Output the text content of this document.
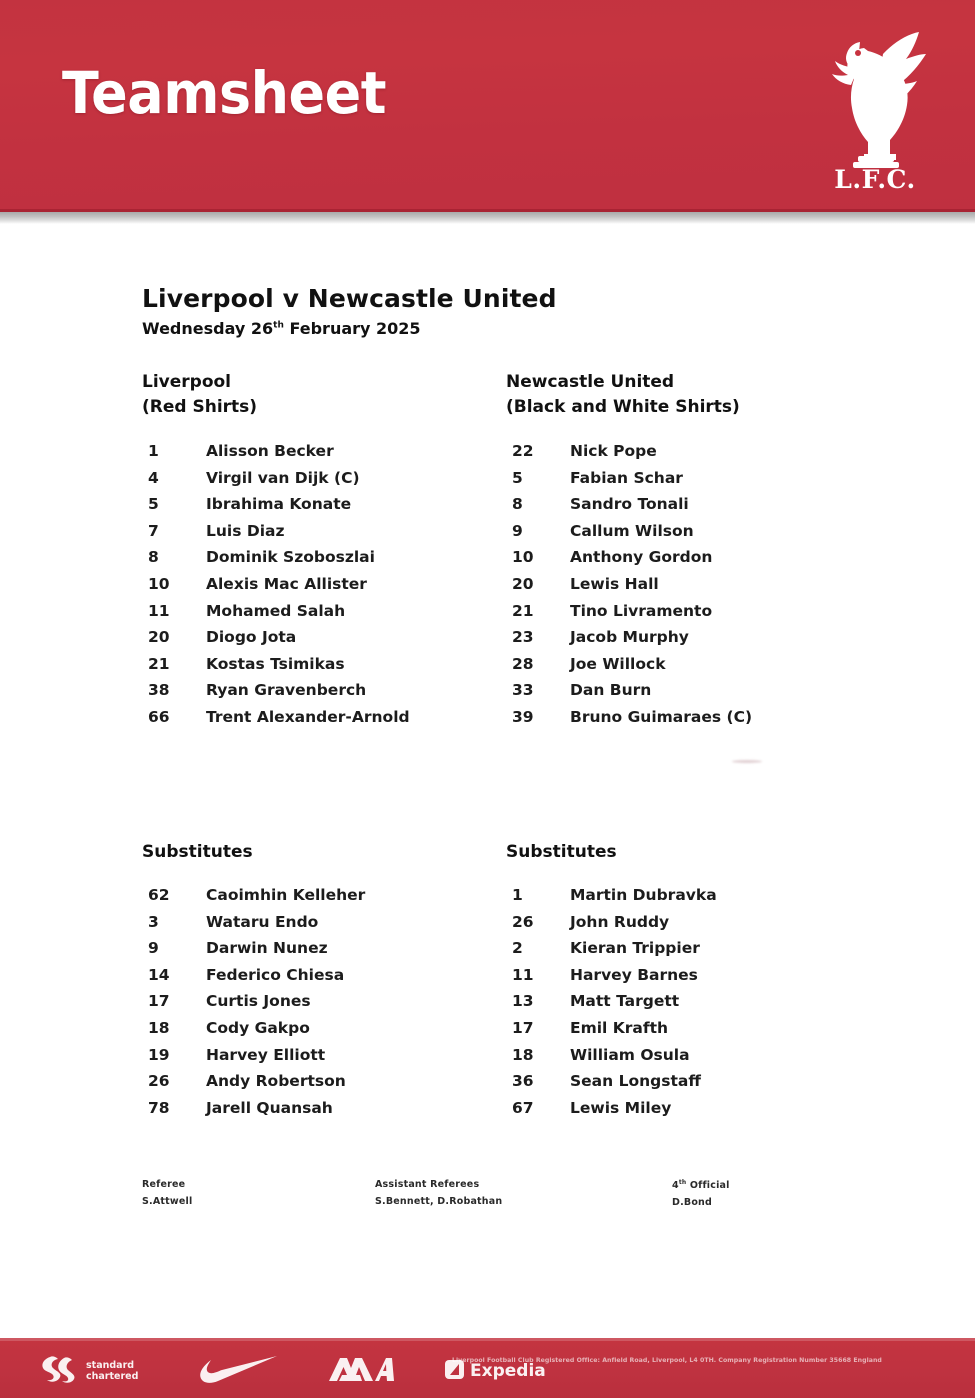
Teamsheet
L.F.C.
Liverpool v Newcastle United
Wednesday 26th February 2025
Liverpool
(Red Shirts)
1	Alisson Becker
4	Virgil van Dijk (C)
5	Ibrahima Konate
7	Luis Diaz
8	Dominik Szoboszlai
10	Alexis Mac Allister
11	Mohamed Salah
20	Diogo Jota
21	Kostas Tsimikas
38	Ryan Gravenberch
66	Trent Alexander-Arnold
Substitutes
62	Caoimhin Kelleher
3	Wataru Endo
9	Darwin Nunez
14	Federico Chiesa
17	Curtis Jones
18	Cody Gakpo
19	Harvey Elliott
26	Andy Robertson
78	Jarell Quansah
Newcastle United
(Black and White Shirts)
22	Nick Pope
5	Fabian Schar
8	Sandro Tonali
9	Callum Wilson
10	Anthony Gordon
20	Lewis Hall
21	Tino Livramento
23	Jacob Murphy
28	Joe Willock
33	Dan Burn
39	Bruno Guimaraes (C)
Substitutes
1	Martin Dubravka
26	John Ruddy
2	Kieran Trippier
11	Harvey Barnes
13	Matt Targett
17	Emil Krafth
18	William Osula
36	Sean Longstaff
67	Lewis Miley
Referee
S.Attwell
Assistant Referees
S.Bennett, D.Robathan
4th Official
D.Bond
standard
chartered	Expedia
Liverpool Football Club Registered Office: Anfield Road, Liverpool, L4 0TH. Company Registration Number 35668 England
